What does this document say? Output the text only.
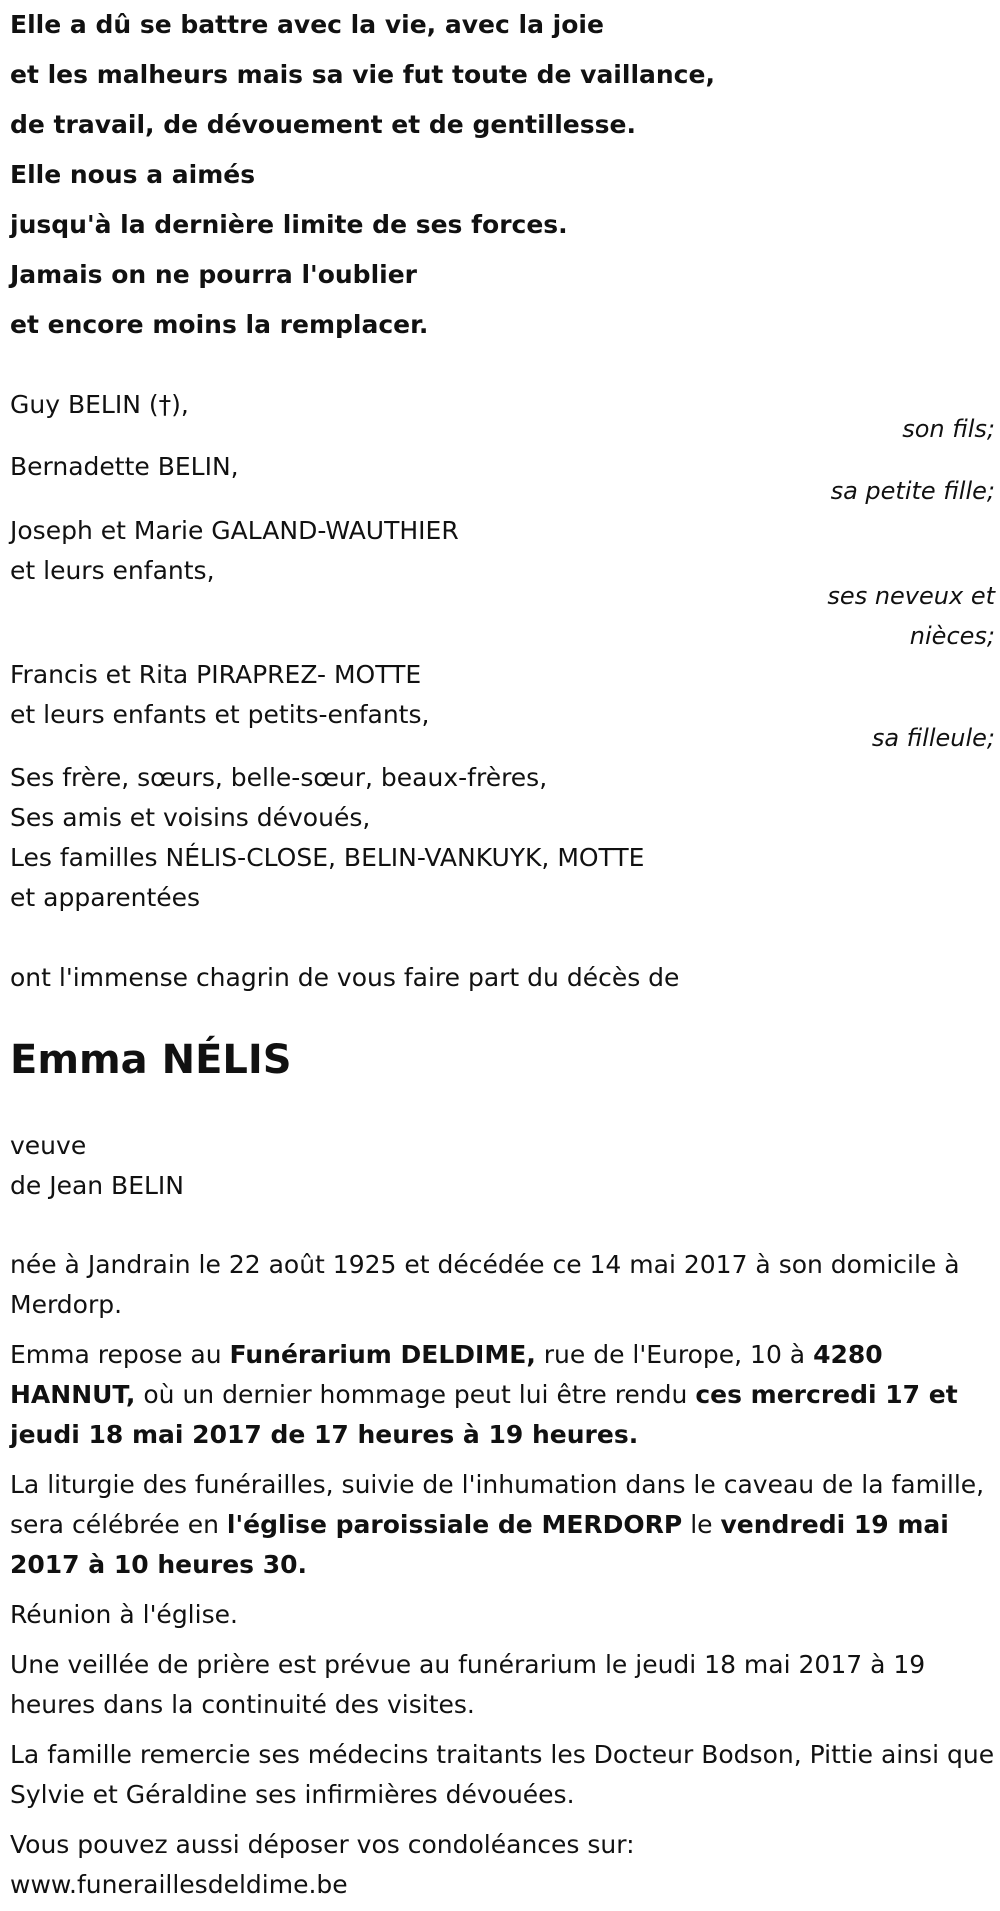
Elle a dû se battre avec la vie, avec la joie
et les malheurs mais sa vie fut toute de vaillance,
de travail, de dévouement et de gentillesse.
Elle nous a aimés
jusqu'à la dernière limite de ses forces.
Jamais on ne pourra l'oublier
et encore moins la remplacer.
Guy BELIN (†),
son fils;
Bernadette BELIN,
sa petite fille;
Joseph et Marie GALAND-WAUTHIER
et leurs enfants,
ses neveux et
nièces;
Francis et Rita PIRAPREZ- MOTTE
et leurs enfants et petits-enfants,
sa filleule;
Ses frère, sœurs, belle-sœur, beaux-frères,
Ses amis et voisins dévoués,
Les familles NÉLIS-CLOSE, BELIN-VANKUYK, MOTTE
et apparentées
ont l'immense chagrin de vous faire part du décès de
Emma NÉLIS
veuve
de Jean BELIN
née à Jandrain le 22 août 1925 et décédée ce 14 mai 2017 à son domicile à Merdorp.
Emma repose au Funérarium DELDIME, rue de l'Europe, 10 à 4280 HANNUT, où un dernier hommage peut lui être rendu ces mercredi 17 et jeudi 18 mai 2017 de 17 heures à 19 heures.
La liturgie des funérailles, suivie de l'inhumation dans le caveau de la famille, sera célébrée en l'église paroissiale de MERDORP le vendredi 19 mai 2017 à 10 heures 30.
Réunion à l'église.
Une veillée de prière est prévue au funérarium le jeudi 18 mai 2017 à 19 heures dans la continuité des visites.
La famille remercie ses médecins traitants les Docteur Bodson, Pittie ainsi que Sylvie et Géraldine ses infirmières dévouées.
Vous pouvez aussi déposer vos condoléances sur:
www.funeraillesdeldime.be
